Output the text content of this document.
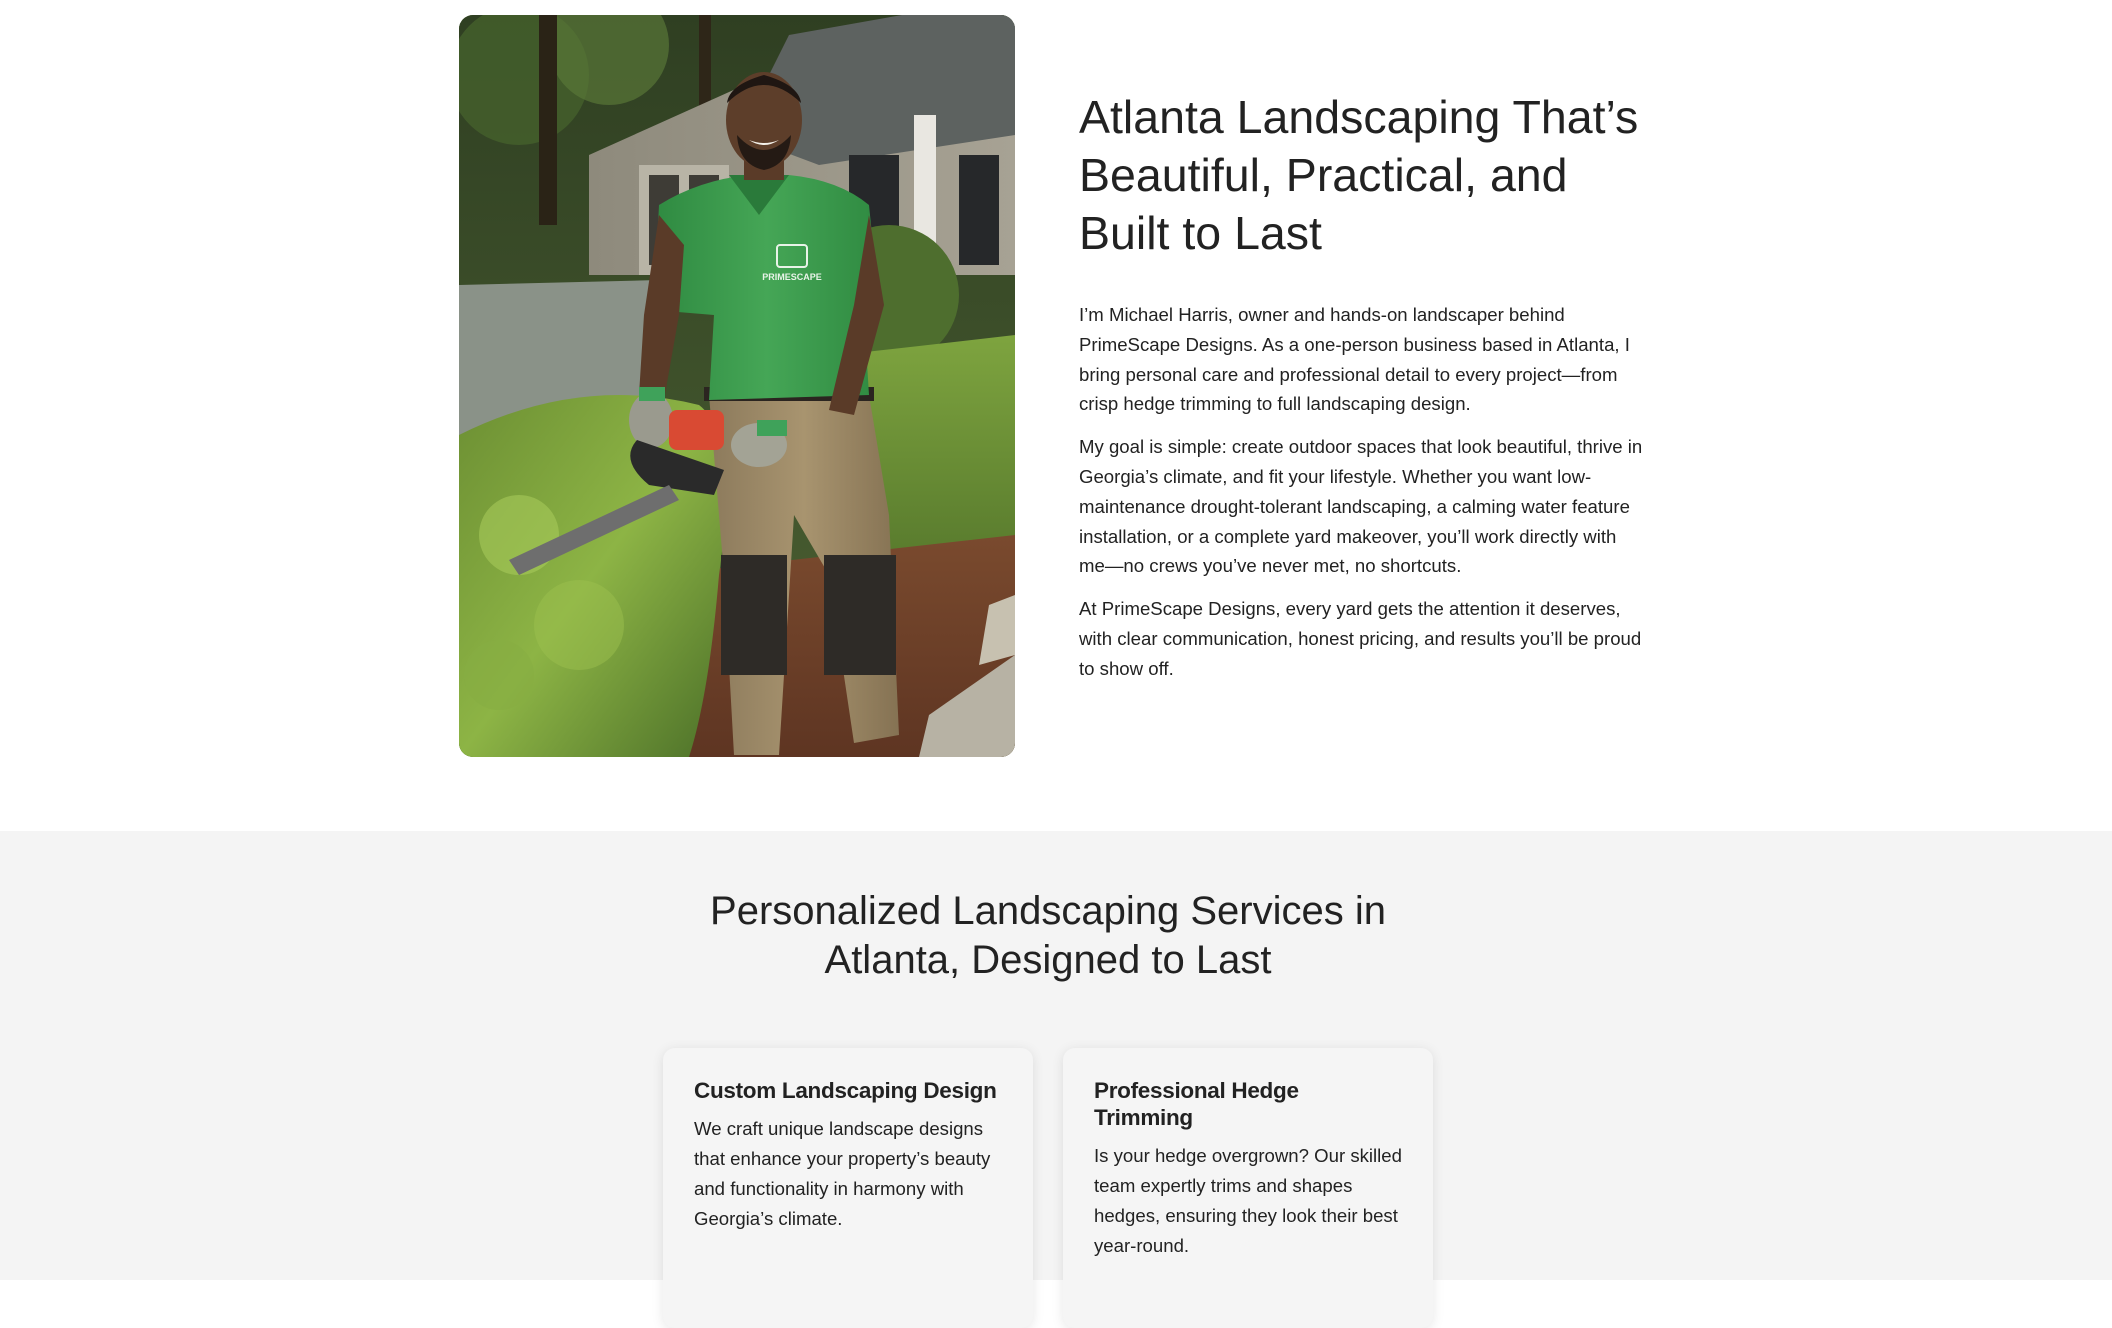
PRIMESCAPE
Atlanta Landscaping That’s Beautiful, Practical, and Built to Last

I’m Michael Harris, owner and hands-on landscaper behind PrimeScape Designs. As a one-person business based in Atlanta, I bring personal care and professional detail to every project—from crisp hedge trimming to full landscaping design.

My goal is simple: create outdoor spaces that look beautiful, thrive in Georgia’s climate, and fit your lifestyle. Whether you want low-maintenance drought-tolerant landscaping, a calming water feature installation, or a complete yard makeover, you’ll work directly with me—no crews you’ve never met, no shortcuts.

At PrimeScape Designs, every yard gets the attention it deserves, with clear communication, honest pricing, and results you’ll be proud to show off.

Personalized Landscaping Services in Atlanta, Designed to Last
Custom Landscaping Design

We craft unique landscape designs that enhance your property’s beauty and functionality in harmony with Georgia’s climate.

Professional Hedge Trimming

Is your hedge overgrown? Our skilled team expertly trims and shapes hedges, ensuring they look their best year-round.
